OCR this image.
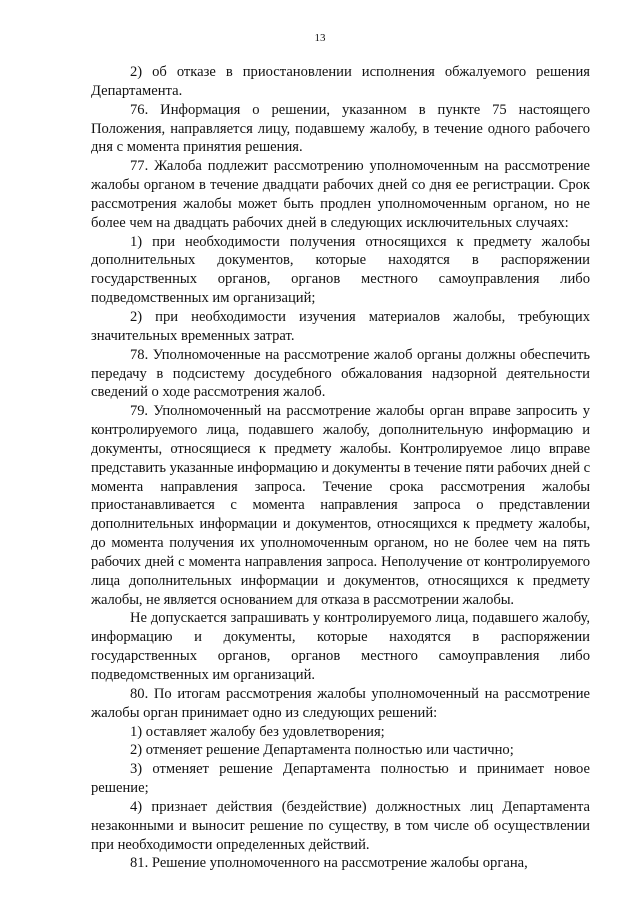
13

2) об отказе в приостановлении исполнения обжалуемого решения Департамента.

76. Информация о решении, указанном в пункте 75 настоящего Положения, направляется лицу, подавшему жалобу, в течение одного рабочего дня с момента принятия решения.

77. Жалоба подлежит рассмотрению уполномоченным на рассмотрение жалобы органом в течение двадцати рабочих дней со дня ее регистрации. Срок рассмотрения жалобы может быть продлен уполномоченным органом, но не более чем на двадцать рабочих дней в следующих исключительных случаях:

1) при необходимости получения относящихся к предмету жалобы дополнительных документов, которые находятся в распоряжении государственных органов, органов местного самоуправления либо подведомственных им организаций;

2) при необходимости изучения материалов жалобы, требующих значительных временных затрат.

78. Уполномоченные на рассмотрение жалоб органы должны обеспечить передачу в подсистему досудебного обжалования надзорной деятельности сведений о ходе рассмотрения жалоб.

79. Уполномоченный на рассмотрение жалобы орган вправе запросить у контролируемого лица, подавшего жалобу, дополнительную информацию и документы, относящиеся к предмету жалобы. Контролируемое лицо вправе представить указанные информацию и документы в течение пяти рабочих дней с момента направления запроса. Течение срока рассмотрения жалобы приостанавливается с момента направления запроса о представлении дополнительных информации и документов, относящихся к предмету жалобы, до момента получения их уполномоченным органом, но не более чем на пять рабочих дней с момента направления запроса. Неполучение от контролируемого лица дополнительных информации и документов, относящихся к предмету жалобы, не является основанием для отказа в рассмотрении жалобы.

Не допускается запрашивать у контролируемого лица, подавшего жалобу, информацию и документы, которые находятся в распоряжении государственных органов, органов местного самоуправления либо подведомственных им организаций.

80. По итогам рассмотрения жалобы уполномоченный на рассмотрение жалобы орган принимает одно из следующих решений:

1) оставляет жалобу без удовлетворения;

2) отменяет решение Департамента полностью или частично;

3) отменяет решение Департамента полностью и принимает новое решение;

4) признает действия (бездействие) должностных лиц Департамента незаконными и выносит решение по существу, в том числе об осуществлении при необходимости определенных действий.

81. Решение уполномоченного на рассмотрение жалобы органа,
